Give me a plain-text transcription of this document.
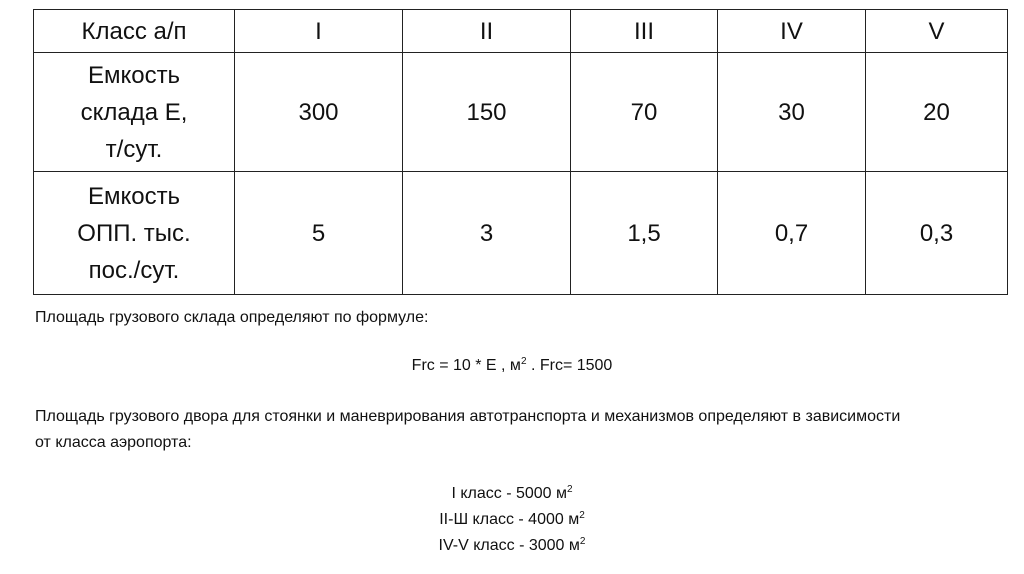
Класс а/п	I	II	III	IV	V

Емкость
склада Е,
т/сут.	300	150	70	30	20

Емкость
ОПП. тыс.
пос./сут.	5	3	1,5	0,7	0,3
Площадь грузового склада определяют по формуле:
Frc = 10 * Е , $м^2$ . Frc= 1500
Площадь грузового двора для стоянки и маневрирования автотранспорта и механизмов определяют в зависимости
от класса аэропорта:
I класс - 5000 $м^2$
II-Ш класс - 4000 $м^2$
IV-V класс - 3000 $м^2$
